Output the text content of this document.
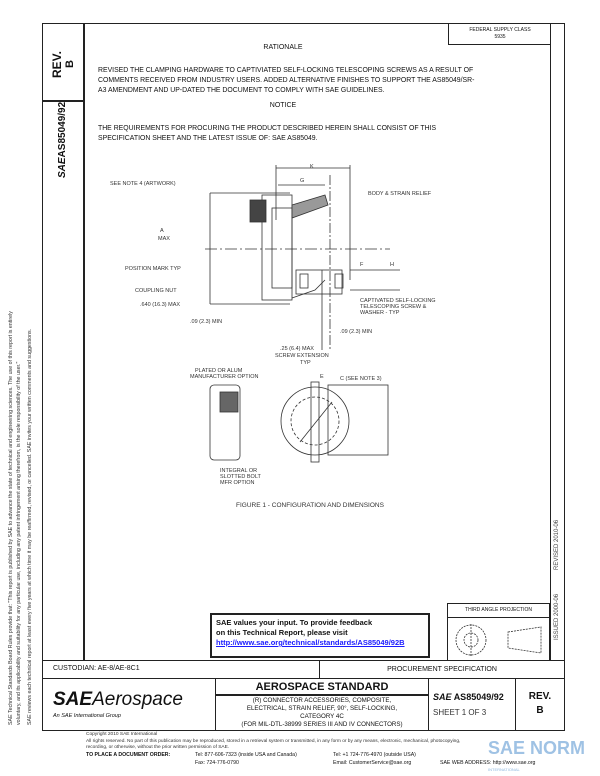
SAE Technical Standards Board Rules provide that: "This report is published by SAE to advance the state of technical and engineering sciences. The use of this report is entirely voluntary, and its applicability and suitability for any particular use, including any patent infringement arising therefrom, is the sole responsibility of the user." SAE reviews each technical report at least every five years at which time it may be reaffirmed, revised, or cancelled. SAE invites your written comments and suggestions.
REV. B
SAEAS85049/92
REVISED 2010-06
ISSUED 2000-06
FEDERAL SUPPLY CLASS
5935
RATIONALE
REVISED THE CLAMPING HARDWARE TO CAPTIVIATED SELF-LOCKING TELESCOPING SCREWS AS A RESULT OF
COMMENTS RECEIVED FROM INDUSTRY USERS. ADDED ALTERNATIVE FINISHES TO SUPPORT THE AS85049/SR-
A3 AMENDMENT AND UP-DATED THE DOCUMENT TO COMPLY WITH SAE GUIDELINES.
NOTICE
THE REQUIREMENTS FOR PROCURING THE PRODUCT DESCRIBED HEREIN SHALL CONSIST OF THIS
SPECIFICATION SHEET AND THE LATEST ISSUE OF: SAE AS85049.
K
G
A
MAX
F	H
SEE NOTE 4 (ARTWORK)
BODY & STRAIN RELIEF
POSITION MARK TYP
COUPLING NUT
.640 (16.3) MAX
CAPTIVATED SELF-LOCKING
TELESCOPING SCREW &
WASHER - TYP
.09 (2.3) MIN
.09 (2.3) MIN
.25 (6.4) MAX
SCREW EXTENSION
TYP
PLATED OR ALUM
MANUFACTURER OPTION	C (SEE NOTE 3)
E
INTEGRAL OR
SLOTTED BOLT
MFR OPTION
FIGURE 1 - CONFIGURATION AND DIMENSIONS
SAE values your input. To provide feedback
on this Technical Report, please visit
http://www.sae.org/technical/standards/AS85049/92B
THIRD ANGLE PROJECTION
CUSTODIAN: AE-8/AE-8C1	PROCUREMENT SPECIFICATION
SAEAerospace
An SAE International Group
AEROSPACE STANDARD
(R) CONNECTOR ACCESSORIES, COMPOSITE,
ELECTRICAL, STRAIN RELIEF, 90°, SELF-LOCKING,
CATEGORY 4C
(FOR MIL-DTL-38999 SERIES III AND IV CONNECTORS)
SAE AS85049/92
SHEET 1 OF 3
REV.
B
Copyright 2010 SAE International
All rights reserved. No part of this publication may be reproduced, stored in a retrieval system or transmitted, in any form or by any means, electronic, mechanical, photocopying,
recording, or otherwise, without the prior written permission of SAE.
TO PLACE A DOCUMENT ORDER:	Tel: 877-606-7323 (inside USA and Canada)
Fax: 724-776-0790
Tel: +1 724-776-4970 (outside USA)
Email: CustomerService@sae.org	SAE WEB ADDRESS: http://www.sae.org
SAE NORM
INTERNATIONAL
